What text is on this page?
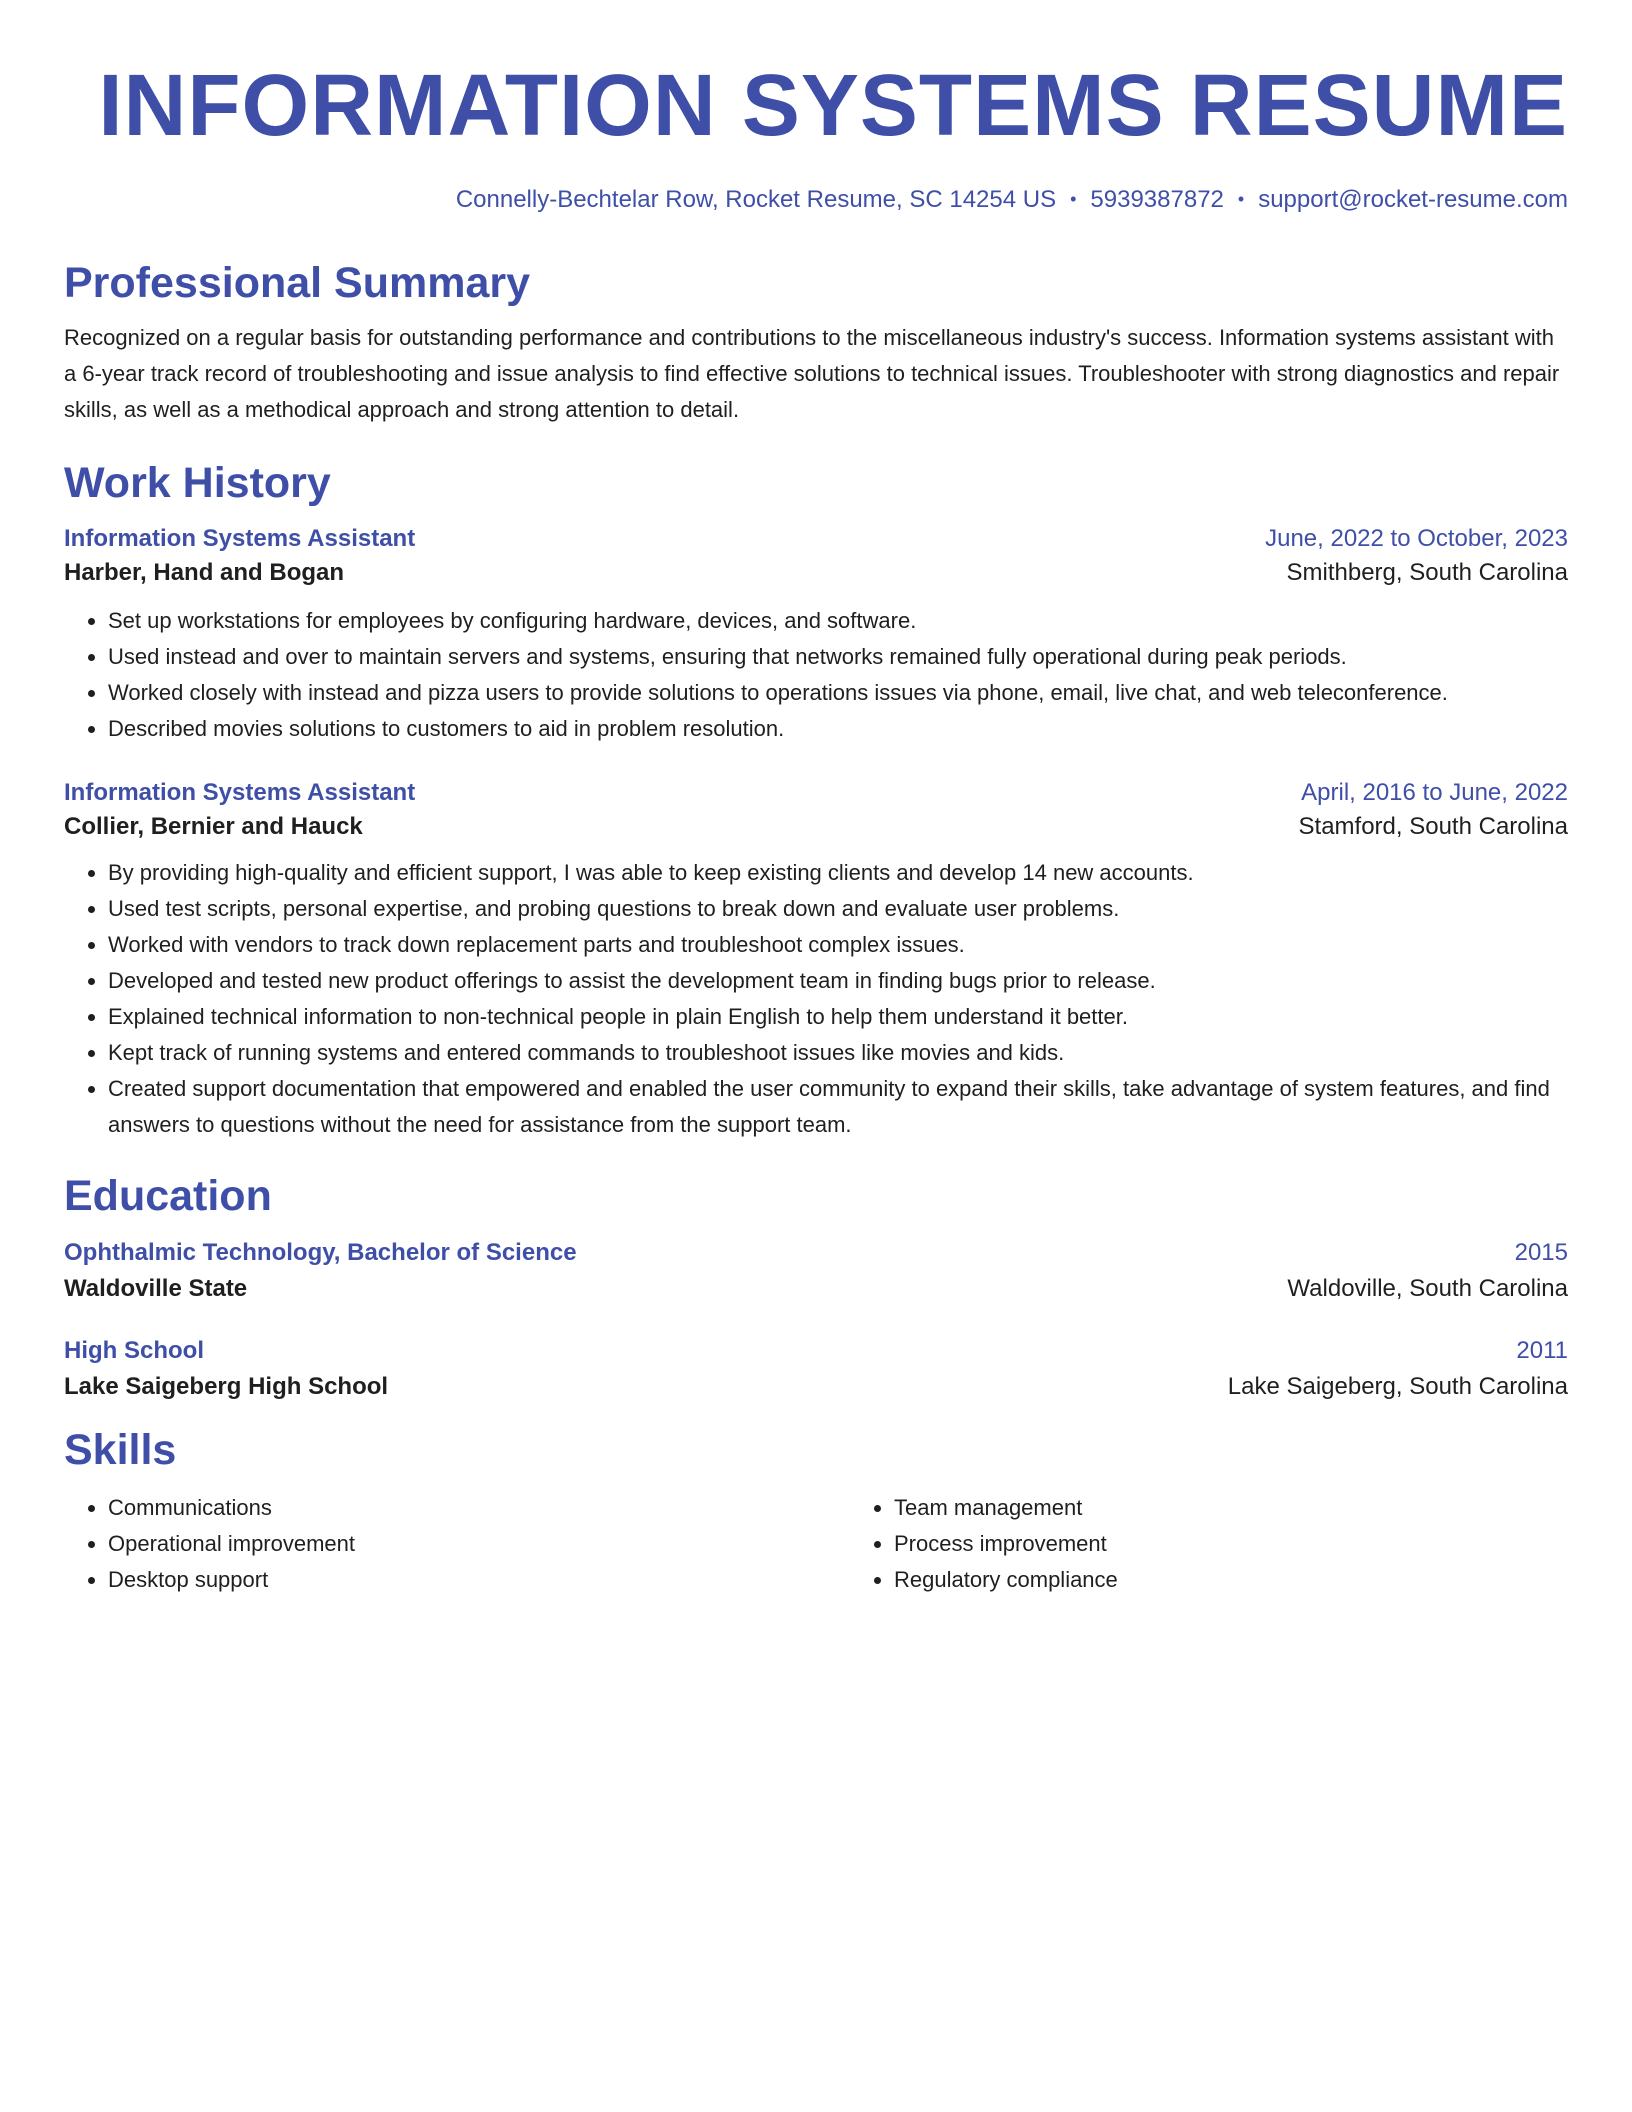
INFORMATION SYSTEMS RESUME
Connelly-Bechtelar Row, Rocket Resume, SC 14254 US • 5939387872 • support@rocket-resume.com
Professional Summary

Recognized on a regular basis for outstanding performance and contributions to the miscellaneous industry's success. Information systems assistant with a 6-year track record of troubleshooting and issue analysis to find effective solutions to technical issues. Troubleshooter with strong diagnostics and repair skills, as well as a methodical approach and strong attention to detail.

Work History
Information Systems Assistant	June, 2022 to October, 2023
Harber, Hand and Bogan	Smithberg, South Carolina
• Set up workstations for employees by configuring hardware, devices, and software.
• Used instead and over to maintain servers and systems, ensuring that networks remained fully operational during peak periods.
• Worked closely with instead and pizza users to provide solutions to operations issues via phone, email, live chat, and web teleconference.
• Described movies solutions to customers to aid in problem resolution.
Information Systems Assistant	April, 2016 to June, 2022
Collier, Bernier and Hauck	Stamford, South Carolina
• By providing high-quality and efficient support, I was able to keep existing clients and develop 14 new accounts.
• Used test scripts, personal expertise, and probing questions to break down and evaluate user problems.
• Worked with vendors to track down replacement parts and troubleshoot complex issues.
• Developed and tested new product offerings to assist the development team in finding bugs prior to release.
• Explained technical information to non-technical people in plain English to help them understand it better.
• Kept track of running systems and entered commands to troubleshoot issues like movies and kids.
• Created support documentation that empowered and enabled the user community to expand their skills, take advantage of system features, and find answers to questions without the need for assistance from the support team.
Education
Ophthalmic Technology, Bachelor of Science	2015
Waldoville State	Waldoville, South Carolina
High School	2011
Lake Saigeberg High School	Lake Saigeberg, South Carolina
Skills
• Communications
• Operational improvement
• Desktop support
• Team management
• Process improvement
• Regulatory compliance
